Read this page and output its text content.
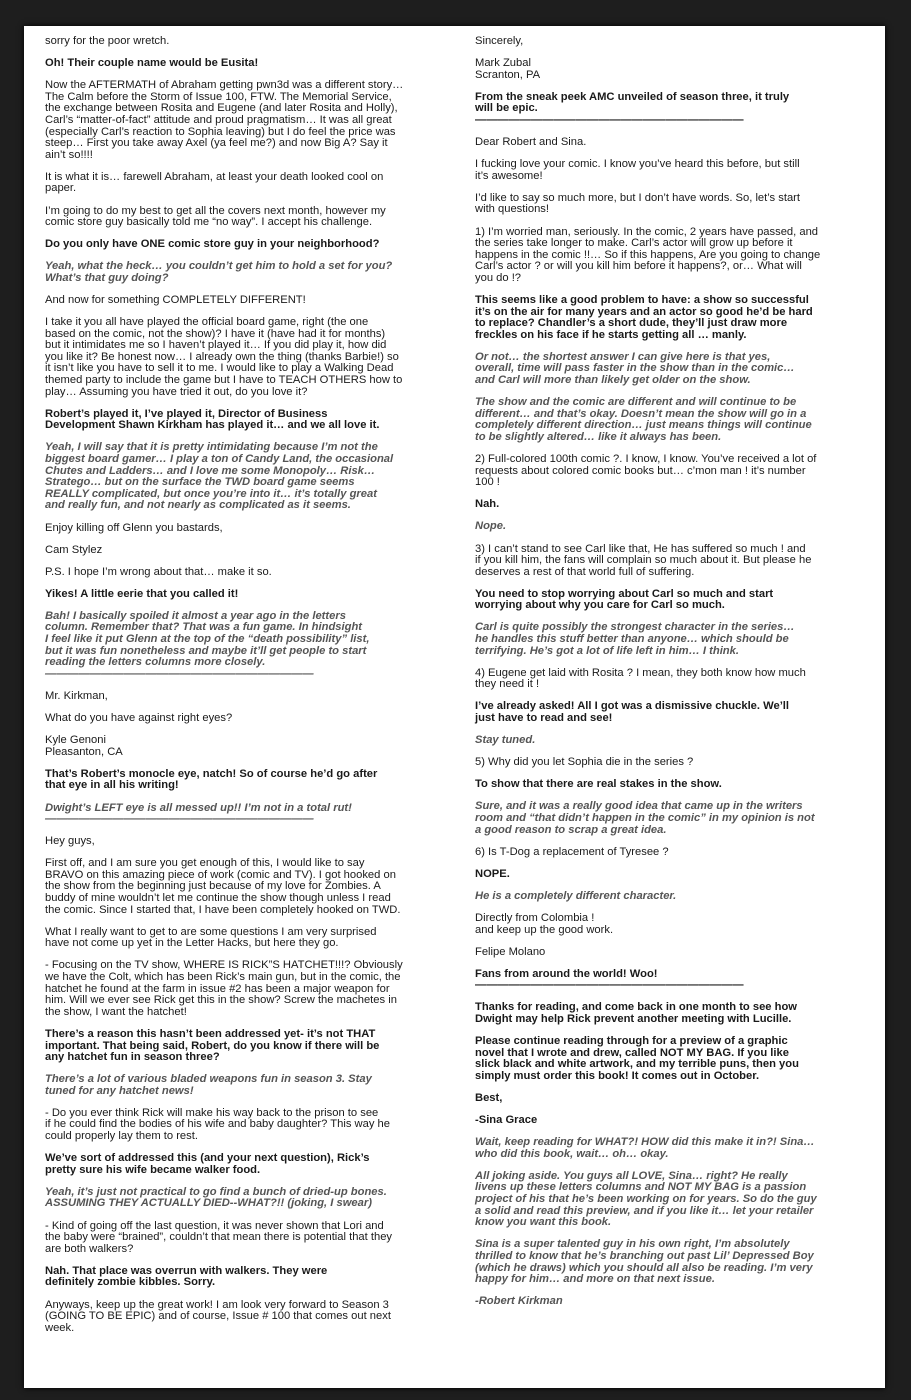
sorry for the poor wretch.

Oh! Their couple name would be Eusita!

Now the AFTERMATH of Abraham getting pwn3d was a different story…
The Calm before the Storm of Issue 100, FTW. The Memorial Service,
the exchange between Rosita and Eugene (and later Rosita and Holly),
Carl’s “matter-of-fact” attitude and proud pragmatism… It was all great
(especially Carl’s reaction to Sophia leaving) but I do feel the price was
steep… First you take away Axel (ya feel me?) and now Big A? Say it
ain’t so!!!!

It is what it is… farewell Abraham, at least your death looked cool on
paper.

I’m going to do my best to get all the covers next month, however my
comic store guy basically told me “no way”. I accept his challenge.

Do you only have ONE comic store guy in your neighborhood?

Yeah, what the heck… you couldn’t get him to hold a set for you?
What’s that guy doing?

And now for something COMPLETELY DIFFERENT!

I take it you all have played the official board game, right (the one
based on the comic, not the show)? I have it (have had it for months)
but it intimidates me so I haven’t played it… If you did play it, how did
you like it? Be honest now… I already own the thing (thanks Barbie!) so
it isn’t like you have to sell it to me. I would like to play a Walking Dead
themed party to include the game but I have to TEACH OTHERS how to
play… Assuming you have tried it out, do you love it?

Robert’s played it, I’ve played it, Director of Business
Development Shawn Kirkham has played it… and we all love it.

Yeah, I will say that it is pretty intimidating because I’m not the
biggest board gamer… I play a ton of Candy Land, the occasional
Chutes and Ladders… and I love me some Monopoly… Risk…
Stratego… but on the surface the TWD board game seems
REALLY complicated, but once you’re into it… it’s totally great
and really fun, and not nearly as complicated as it seems.

Enjoy killing off Glenn you bastards,

Cam Stylez

P.S. I hope I’m wrong about that… make it so.

Yikes! A little eerie that you called it!

Bah! I basically spoiled it almost a year ago in the letters
column. Remember that? That was a fun game. In hindsight
I feel like it put Glenn at the top of the “death possibility” list,
but it was fun nonetheless and maybe it’ll get people to start
reading the letters columns more closely.
————————————————————————

Mr. Kirkman,

What do you have against right eyes?

Kyle Genoni
Pleasanton, CA

That’s Robert’s monocle eye, natch! So of course he’d go after
that eye in all his writing!

Dwight’s LEFT eye is all messed up!! I’m not in a total rut!
————————————————————————

Hey guys,

First off, and I am sure you get enough of this, I would like to say
BRAVO on this amazing piece of work (comic and TV). I got hooked on
the show from the beginning just because of my love for Zombies. A
buddy of mine wouldn’t let me continue the show though unless I read
the comic. Since I started that, I have been completely hooked on TWD.

What I really want to get to are some questions I am very surprised
have not come up yet in the Letter Hacks, but here they go.

- Focusing on the TV show, WHERE IS RICK”S HATCHET!!!? Obviously
we have the Colt, which has been Rick’s main gun, but in the comic, the
hatchet he found at the farm in issue #2 has been a major weapon for
him. Will we ever see Rick get this in the show? Screw the machetes in
the show, I want the hatchet!

There’s a reason this hasn’t been addressed yet- it’s not THAT
important. That being said, Robert, do you know if there will be
any hatchet fun in season three?

There’s a lot of various bladed weapons fun in season 3. Stay
tuned for any hatchet news!

- Do you ever think Rick will make his way back to the prison to see
if he could find the bodies of his wife and baby daughter? This way he
could properly lay them to rest.

We’ve sort of addressed this (and your next question), Rick’s
pretty sure his wife became walker food.

Yeah, it’s just not practical to go find a bunch of dried-up bones.
ASSUMING THEY ACTUALLY DIED--WHAT?!! (joking, I swear)

- Kind of going off the last question, it was never shown that Lori and
the baby were “brained”, couldn’t that mean there is potential that they
are both walkers?

Nah. That place was overrun with walkers. They were
definitely zombie kibbles. Sorry.

Anyways, keep up the great work! I am look very forward to Season 3
(GOING TO BE EPIC) and of course, Issue # 100 that comes out next
week.

Sincerely,

Mark Zubal
Scranton, PA

From the sneak peek AMC unveiled of season three, it truly
will be epic.
————————————————————————

Dear Robert and Sina.

I fucking love your comic. I know you’ve heard this before, but still
it’s awesome!

I’d like to say so much more, but I don’t have words. So, let’s start
with questions!

1) I’m worried man, seriously. In the comic, 2 years have passed, and
the series take longer to make. Carl’s actor will grow up before it
happens in the comic !!… So if this happens, Are you going to change
Carl’s actor ? or will you kill him before it happens?, or… What will
you do !?

This seems like a good problem to have: a show so successful
it’s on the air for many years and an actor so good he’d be hard
to replace? Chandler’s a short dude, they’ll just draw more
freckles on his face if he starts getting all … manly.

Or not… the shortest answer I can give here is that yes,
overall, time will pass faster in the show than in the comic…
and Carl will more than likely get older on the show.

The show and the comic are different and will continue to be
different… and that’s okay. Doesn’t mean the show will go in a
completely different direction… just means things will continue
to be slightly altered… like it always has been.

2) Full-colored 100th comic ?. I know, I know. You’ve received a lot of
requests about colored comic books but… c’mon man ! it’s number
100 !

Nah.

Nope.

3) I can’t stand to see Carl like that, He has suffered so much ! and
if you kill him, the fans will complain so much about it. But please he
deserves a rest of that world full of suffering.

You need to stop worrying about Carl so much and start
worrying about why you care for Carl so much.

Carl is quite possibly the strongest character in the series…
he handles this stuff better than anyone… which should be
terrifying. He’s got a lot of life left in him… I think.

4) Eugene get laid with Rosita ? I mean, they both know how much
they need it !

I’ve already asked! All I got was a dismissive chuckle. We’ll
just have to read and see!

Stay tuned.

5) Why did you let Sophia die in the series ?

To show that there are real stakes in the show.

Sure, and it was a really good idea that came up in the writers
room and “that didn’t happen in the comic” in my opinion is not
a good reason to scrap a great idea.

6) Is T-Dog a replacement of Tyresee ?

NOPE.

He is a completely different character.

Directly from Colombia !
and keep up the good work.

Felipe Molano

Fans from around the world! Woo!
————————————————————————

Thanks for reading, and come back in one month to see how
Dwight may help Rick prevent another meeting with Lucille.

Please continue reading through for a preview of a graphic
novel that I wrote and drew, called NOT MY BAG. If you like
slick black and white artwork, and my terrible puns, then you
simply must order this book! It comes out in October.

Best,

-Sina Grace

Wait, keep reading for WHAT?! HOW did this make it in?! Sina…
who did this book, wait… oh… okay.

All joking aside. You guys all LOVE, Sina… right? He really
livens up these letters columns and NOT MY BAG is a passion
project of his that he’s been working on for years. So do the guy
a solid and read this preview, and if you like it… let your retailer
know you want this book.

Sina is a super talented guy in his own right, I’m absolutely
thrilled to know that he’s branching out past Lil’ Depressed Boy
(which he draws) which you should all also be reading. I’m very
happy for him… and more on that next issue.

-Robert Kirkman
